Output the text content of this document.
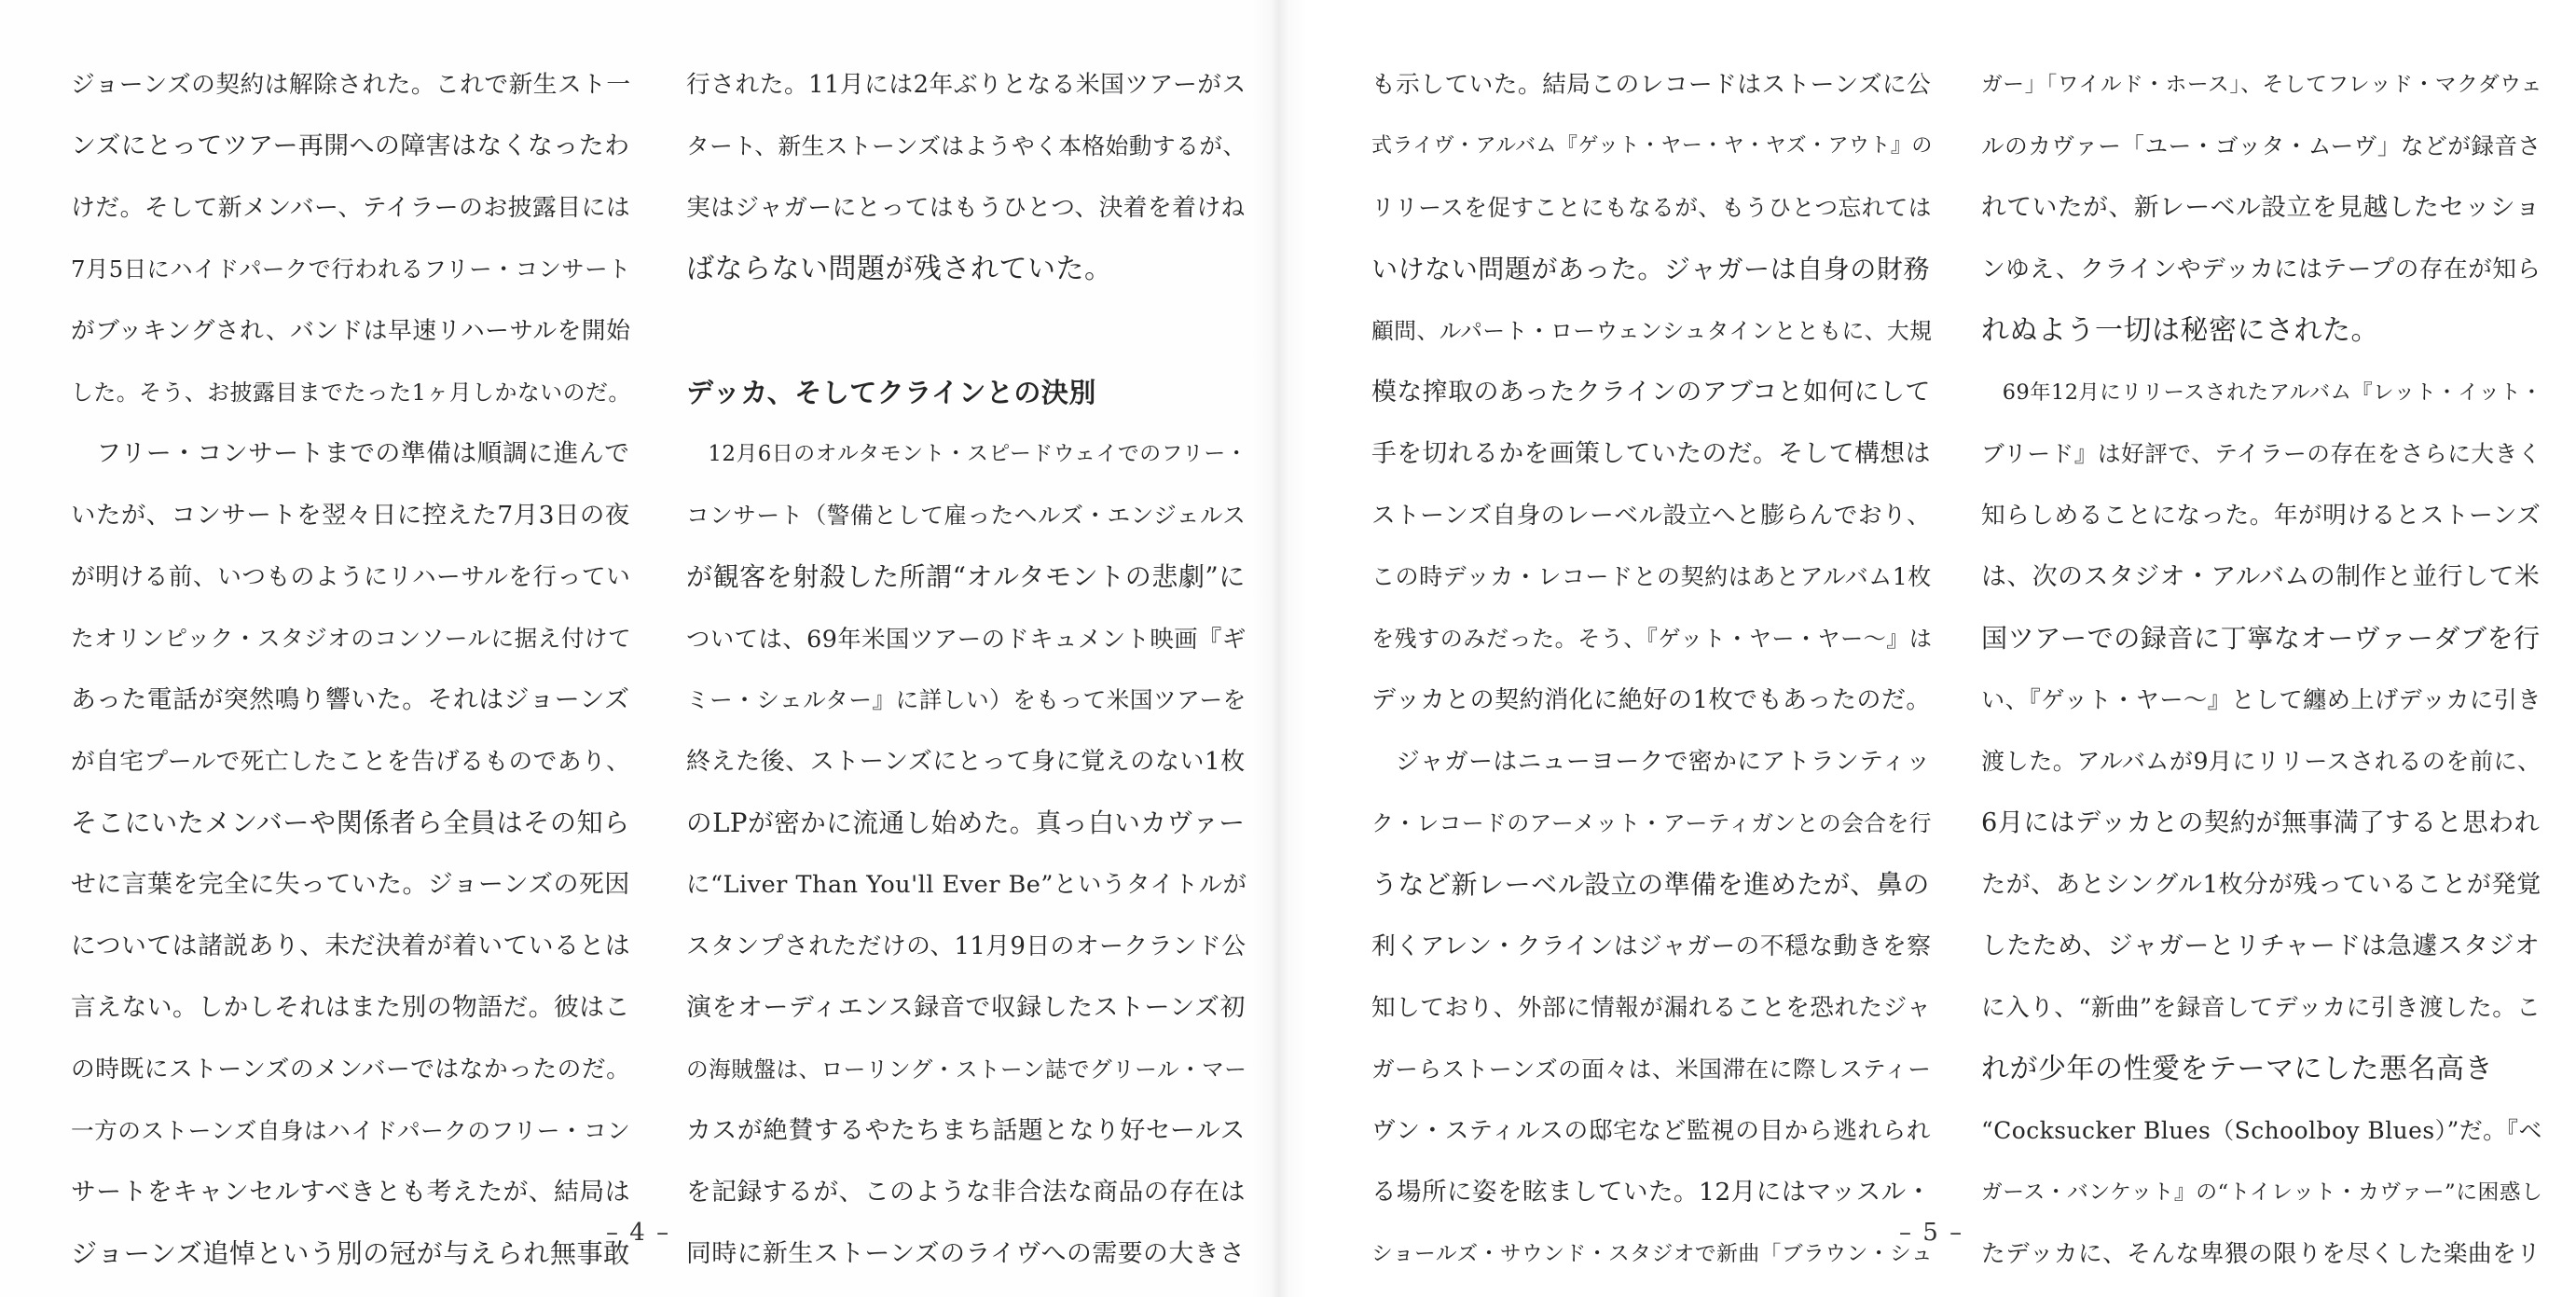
ジョーンズの契約は解除された。これで新生スト一
ンズにとってツアー再開への障害はなくなったわ
けだ。そして新メンバー、テイラーのお披露目には
7月5日にハイドパークで行われるフリー・コンサート
がブッキングされ、バンドは早速リハーサルを開始
した。そう、お披露目までたった1ヶ月しかないのだ。
　フリー・コンサートまでの準備は順調に進んで
いたが、コンサートを翌々日に控えた7月3日の夜
が明ける前、いつものようにリハーサルを行ってい
たオリンピック・スタジオのコンソールに据え付けて
あった電話が突然鳴り響いた。それはジョーンズ
が自宅プールで死亡したことを告げるものであり、
そこにいたメンバーや関係者ら全員はその知ら
せに言葉を完全に失っていた。ジョーンズの死因
については諸説あり、未だ決着が着いているとは
言えない。しかしそれはまた別の物語だ。彼はこ
の時既にストーンズのメンバーではなかったのだ。
一方のストーンズ自身はハイドパークのフリー・コン
サートをキャンセルすべきとも考えたが、結局は
ジョーンズ追悼という別の冠が与えられ無事敢
行された。11月には2年ぶりとなる米国ツアーがス
タート、新生ストーンズはようやく本格始動するが、
実はジャガーにとってはもうひとつ、決着を着けね
ばならない問題が残されていた。
デッカ、そしてクラインとの決別
　12月6日のオルタモント・スピードウェイでのフリー・
コンサート（警備として雇ったヘルズ・エンジェルス
が観客を射殺した所謂“オルタモントの悲劇”に
ついては、69年米国ツアーのドキュメント映画『ギ
ミー・シェルター』に詳しい）をもって米国ツアーを
終えた後、ストーンズにとって身に覚えのない1枚
のLPが密かに流通し始めた。真っ白いカヴァー
に“Liver Than You'll Ever Be”というタイトルが
スタンプされただけの、11月9日のオークランド公
演をオーディエンス録音で収録したストーンズ初
の海賊盤は、ローリング・ストーン誌でグリール・マー
カスが絶賛するやたちまち話題となり好セールス
を記録するが、このような非合法な商品の存在は
同時に新生ストーンズのライヴへの需要の大きさ
– 4 –
も示していた。結局このレコードはストーンズに公
式ライヴ・アルバム『ゲット・ヤー・ヤ・ヤズ・アウト』の
リリースを促すことにもなるが、もうひとつ忘れては
いけない問題があった。ジャガーは自身の財務
顧問、ルパート・ローウェンシュタインとともに、大規
模な搾取のあったクラインのアブコと如何にして
手を切れるかを画策していたのだ。そして構想は
ストーンズ自身のレーベル設立へと膨らんでおり、
この時デッカ・レコードとの契約はあとアルバム1枚
を残すのみだった。そう、『ゲット・ヤー・ヤー〜』は
デッカとの契約消化に絶好の1枚でもあったのだ。
　ジャガーはニューヨークで密かにアトランティッ
ク・レコードのアーメット・アーティガンとの会合を行
うなど新レーベル設立の準備を進めたが、鼻の
利くアレン・クラインはジャガーの不穏な動きを察
知しており、外部に情報が漏れることを恐れたジャ
ガーらストーンズの面々は、米国滞在に際しスティー
ヴン・スティルスの邸宅など監視の目から逃れられ
る場所に姿を眩ましていた。12月にはマッスル・
ショールズ・サウンド・スタジオで新曲「ブラウン・シュ
ガー」「ワイルド・ホース」、そしてフレッド・マクダウェ
ルのカヴァー「ユー・ゴッタ・ムーヴ」などが録音さ
れていたが、新レーベル設立を見越したセッショ
ンゆえ、クラインやデッカにはテープの存在が知ら
れぬよう一切は秘密にされた。
　69年12月にリリースされたアルバム『レット・イット・
ブリード』は好評で、テイラーの存在をさらに大きく
知らしめることになった。年が明けるとストーンズ
は、次のスタジオ・アルバムの制作と並行して米
国ツアーでの録音に丁寧なオーヴァーダブを行
い、『ゲット・ヤー〜』として纏め上げデッカに引き
渡した。アルバムが9月にリリースされるのを前に、
6月にはデッカとの契約が無事満了すると思われ
たが、あとシングル1枚分が残っていることが発覚
したため、ジャガーとリチャードは急遽スタジオ
に入り、“新曲”を録音してデッカに引き渡した。こ
れが少年の性愛をテーマにした悪名高き
“Cocksucker Blues（Schoolboy Blues）”だ。『ベ
ガース・バンケット』の“トイレット・カヴァー”に困惑し
たデッカに、そんな卑猥の限りを尽くした楽曲をリ
– 5 –
